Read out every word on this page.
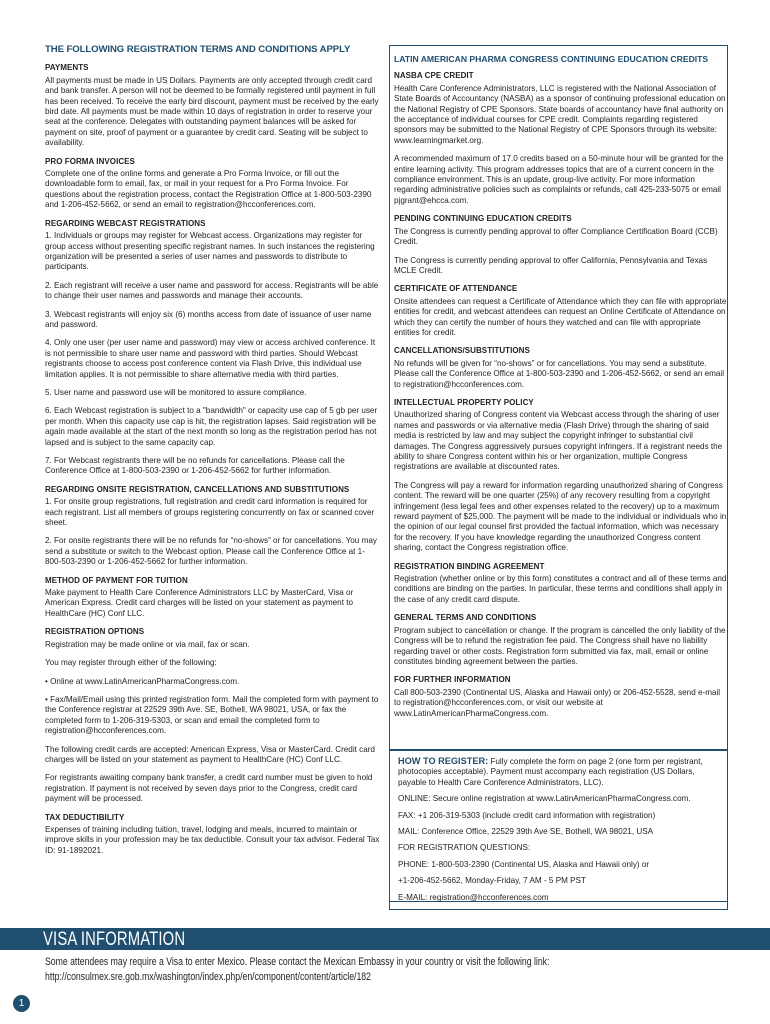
THE FOLLOWING REGISTRATION TERMS AND CONDITIONS APPLY
PAYMENTS
All payments must be made in US Dollars. Payments are only accepted through credit card and bank transfer. A person will not be deemed to be formally registered until payment in full has been received. To receive the early bird discount, payment must be received by the early bird date. All payments must be made within 10 days of registration in order to reserve your seat at the conference. Delegates with outstanding payment balances will be asked for payment on site, proof of payment or a guarantee by credit card. Seating will be subject to availability.
PRO FORMA INVOICES
Complete one of the online forms and generate a Pro Forma Invoice, or fill out the downloadable form to email, fax, or mail in your request for a Pro Forma Invoice. For questions about the registration process, contact the Registration Office at 1-800-503-2390 and 1-206-452-5662, or send an email to registration@hcconferences.com.
REGARDING WEBCAST REGISTRATIONS
1. Individuals or groups may register for Webcast access. Organizations may register for group access without presenting specific registrant names. In such instances the registering organization will be presented a series of user names and passwords to distribute to participants.
2. Each registrant will receive a user name and password for access. Registrants will be able to change their user names and passwords and manage their accounts.
3. Webcast registrants will enjoy six (6) months access from date of issuance of user name and password.
4. Only one user (per user name and password) may view or access archived conference. It is not permissible to share user name and password with third parties. Should Webcast registrants choose to access post conference content via Flash Drive, this individual use limitation applies. It is not permissible to share alternative media with third parties.
5. User name and password use will be monitored to assure compliance.
6. Each Webcast registration is subject to a "bandwidth" or capacity use cap of 5 gb per user per month. When this capacity use cap is hit, the registration lapses. Said registration will be again made available at the start of the next month so long as the registration period has not lapsed and is subject to the same capacity cap.
7. For Webcast registrants there will be no refunds for cancellations. Please call the Conference Office at 1-800-503-2390 or 1-206-452-5662 for further information.
REGARDING ONSITE REGISTRATION, CANCELLATIONS AND SUBSTITUTIONS
1. For onsite group registrations, full registration and credit card information is required for each registrant. List all members of groups registering concurrently on fax or scanned cover sheet.
2. For onsite registrants there will be no refunds for “no-shows” or for cancellations. You may send a substitute or switch to the Webcast option. Please call the Conference Office at 1-800-503-2390 or 1-206-452-5662 for further information.
METHOD OF PAYMENT FOR TUITION
Make payment to Health Care Conference Administrators LLC by MasterCard, Visa or American Express. Credit card charges will be listed on your statement as payment to HealthCare (HC) Conf LLC.
REGISTRATION OPTIONS
Registration may be made online or via mail, fax or scan.
You may register through either of the following:
• Online at www.LatinAmericanPharmaCongress.com.
• Fax/Mail/Email using this printed registration form. Mail the completed form with payment to the Conference registrar at 22529 39th Ave. SE, Bothell, WA 98021, USA, or fax the completed form to 1-206-319-5303, or scan and email the completed form to registration@hcconferences.com.
The following credit cards are accepted: American Express, Visa or MasterCard. Credit card charges will be listed on your statement as payment to HealthCare (HC) Conf LLC.
For registrants awaiting company bank transfer, a credit card number must be given to hold registration. If payment is not received by seven days prior to the Congress, credit card payment will be processed.
TAX DEDUCTIBILITY
Expenses of training including tuition, travel, lodging and meals, incurred to maintain or improve skills in your profession may be tax deductible. Consult your tax advisor. Federal Tax ID: 91-1892021.
LATIN AMERICAN PHARMA CONGRESS CONTINUING EDUCATION CREDITS
NASBA CPE CREDIT
Health Care Conference Administrators, LLC is registered with the National Association of State Boards of Accountancy (NASBA) as a sponsor of continuing professional education on the National Registry of CPE Sponsors. State boards of accountancy have final authority on the acceptance of individual courses for CPE credit. Complaints regarding registered sponsors may be submitted to the National Registry of CPE Sponsors through its website: www.learningmarket.org.
A recommended maximum of 17.0 credits based on a 50-minute hour will be granted for the entire learning activity. This program addresses topics that are of a current concern in the compliance environment. This is an update, group-live activity. For more information regarding administrative policies such as complaints or refunds, call 425-233-5075 or email pjgrant@ehcca.com.
PENDING CONTINUING EDUCATION CREDITS
The Congress is currently pending approval to offer Compliance Certification Board (CCB) Credit.
The Congress is currently pending approval to offer California, Pennsylvania and Texas MCLE Credit.
CERTIFICATE OF ATTENDANCE
Onsite attendees can request a Certificate of Attendance which they can file with appropriate entities for credit, and webcast attendees can request an Online Certificate of Attendance on which they can certify the number of hours they watched and can file with appropriate entities for credit.
CANCELLATIONS/SUBSTITUTIONS
No refunds will be given for “no-shows” or for cancellations. You may send a substitute. Please call the Conference Office at 1-800-503-2390 and 1-206-452-5662, or send an email to registration@hcconferences.com.
INTELLECTUAL PROPERTY POLICY
Unauthorized sharing of Congress content via Webcast access through the sharing of user names and passwords or via alternative media (Flash Drive) through the sharing of said media is restricted by law and may subject the copyright infringer to substantial civil damages. The Congress aggressively pursues copyright infringers. If a registrant needs the ability to share Congress content within his or her organization, multiple Congress registrations are available at discounted rates.
The Congress will pay a reward for information regarding unauthorized sharing of Congress content. The reward will be one quarter (25%) of any recovery resulting from a copyright infringement (less legal fees and other expenses related to the recovery) up to a maximum reward payment of $25,000. The payment will be made to the individual or individuals who in the opinion of our legal counsel first provided the factual information, which was necessary for the recovery. If you have knowledge regarding the unauthorized Congress content sharing, contact the Congress registration office.
REGISTRATION BINDING AGREEMENT
Registration (whether online or by this form) constitutes a contract and all of these terms and conditions are binding on the parties. In particular, these terms and conditions shall apply in the case of any credit card dispute.
GENERAL TERMS AND CONDITIONS
Program subject to cancellation or change. If the program is cancelled the only liability of the Congress will be to refund the registration fee paid. The Congress shall have no liability regarding travel or other costs. Registration form submitted via fax, mail, email or online constitutes binding agreement between the parties.
FOR FURTHER INFORMATION
Call 800-503-2390 (Continental US, Alaska and Hawaii only) or 206-452-5528, send e-mail to registration@hcconferences.com, or visit our website at www.LatinAmericanPharmaCongress.com.
HOW TO REGISTER: Fully complete the form on page 2 (one form per registrant, photocopies acceptable). Payment must accompany each registration (US Dollars, payable to Health Care Conference Administrators, LLC).
ONLINE: Secure online registration at www.LatinAmericanPharmaCongress.com.
FAX: +1 206-319-5303 (include credit card information with registration)
MAIL: Conference Office, 22529 39th Ave SE, Bothell, WA 98021, USA
FOR REGISTRATION QUESTIONS:
PHONE: 1-800-503-2390 (Continental US, Alaska and Hawaii only) or
+1-206-452-5662, Monday-Friday, 7 AM - 5 PM PST
E-MAIL: registration@hcconferences.com
VISA INFORMATION
Some attendees may require a Visa to enter Mexico. Please contact the Mexican Embassy in your country or visit the following link:
http://consulmex.sre.gob.mx/washington/index.php/en/component/content/article/182
1
